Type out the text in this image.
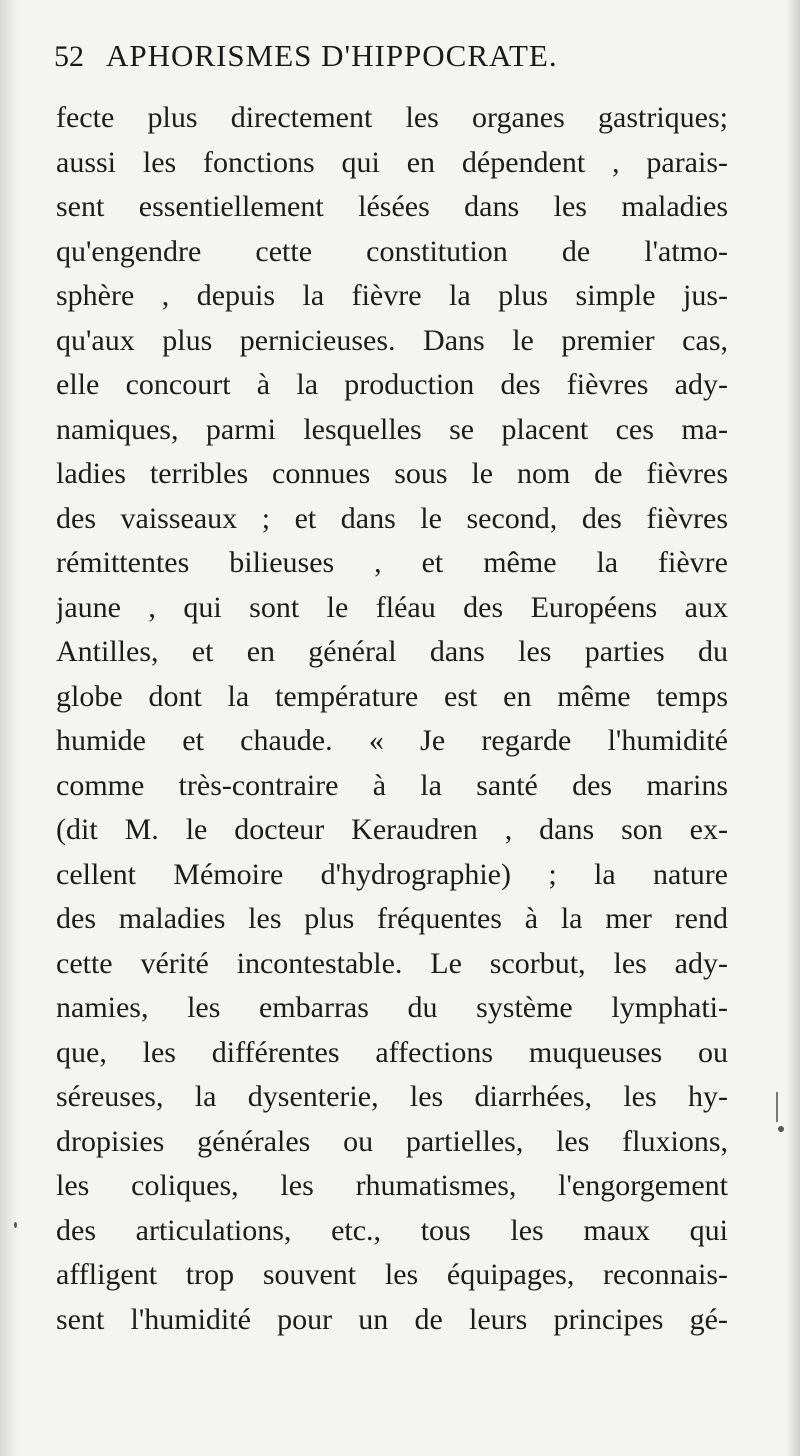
52 APHORISMES D'HIPPOCRATE.
fecte plus directement les organes gastriques;
aussi les fonctions qui en dépendent , parais-
sent essentiellement lésées dans les maladies
qu'engendre cette constitution de l'atmo-
sphère , depuis la fièvre la plus simple jus-
qu'aux plus pernicieuses. Dans le premier cas,
elle concourt à la production des fièvres ady-
namiques, parmi lesquelles se placent ces ma-
ladies terribles connues sous le nom de fièvres
des vaisseaux ; et dans le second, des fièvres
rémittentes bilieuses , et même la fièvre
jaune , qui sont le fléau des Européens aux
Antilles, et en général dans les parties du
globe dont la température est en même temps
humide et chaude. « Je regarde l'humidité
comme très-contraire à la santé des marins
(dit M. le docteur Keraudren , dans son ex-
cellent Mémoire d'hydrographie) ; la nature
des maladies les plus fréquentes à la mer rend
cette vérité incontestable. Le scorbut, les ady-
namies, les embarras du système lymphati-
que, les différentes affections muqueuses ou
séreuses, la dysenterie, les diarrhées, les hy-
dropisies générales ou partielles, les fluxions,
les coliques, les rhumatismes, l'engorgement
des articulations, etc., tous les maux qui
affligent trop souvent les équipages, reconnais-
sent l'humidité pour un de leurs principes gé-
